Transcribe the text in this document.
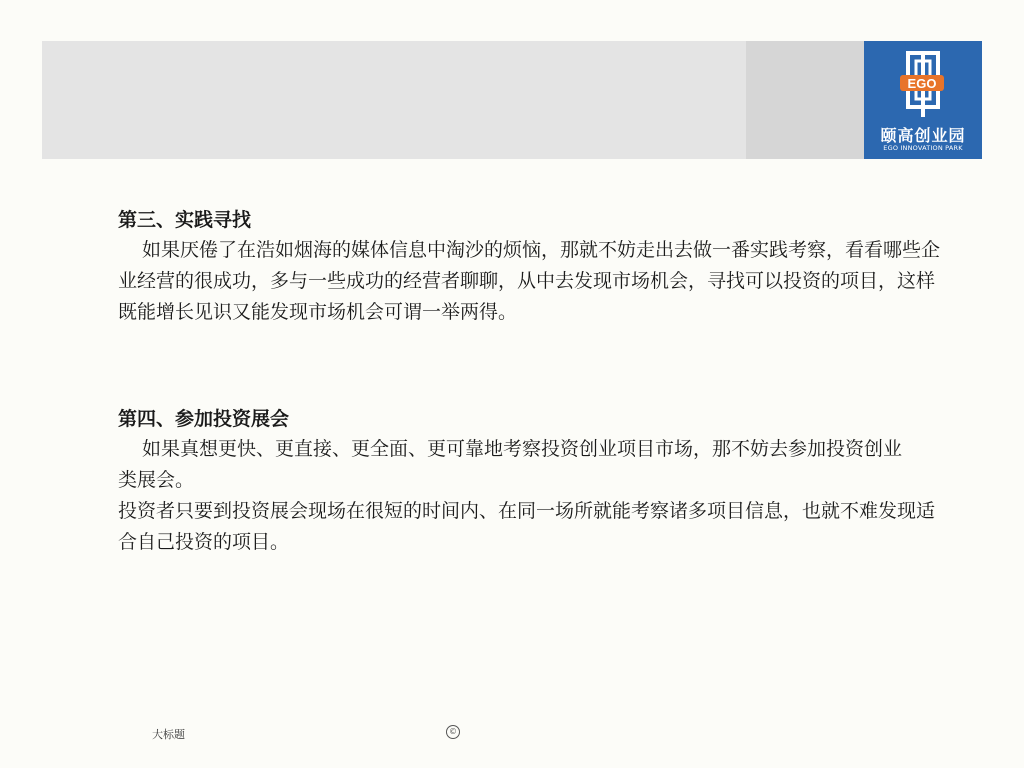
EGO
颐高创业园
EGO INNOVATION PARK
第三、实践寻找

如果厌倦了在浩如烟海的媒体信息中淘沙的烦恼，那就不妨走出去做一番实践考察，看看哪些企业经营的很成功，多与一些成功的经营者聊聊，从中去发现市场机会，寻找可以投资的项目，这样既能增长见识又能发现市场机会可谓一举两得。

第四、参加投资展会

如果真想更快、更直接、更全面、更可靠地考察投资创业项目市场，那不妨去参加投资创业类展会。

投资者只要到投资展会现场在很短的时间内、在同一场所就能考察诸多项目信息，也就不难发现适合自己投资的项目。

大标题	©
